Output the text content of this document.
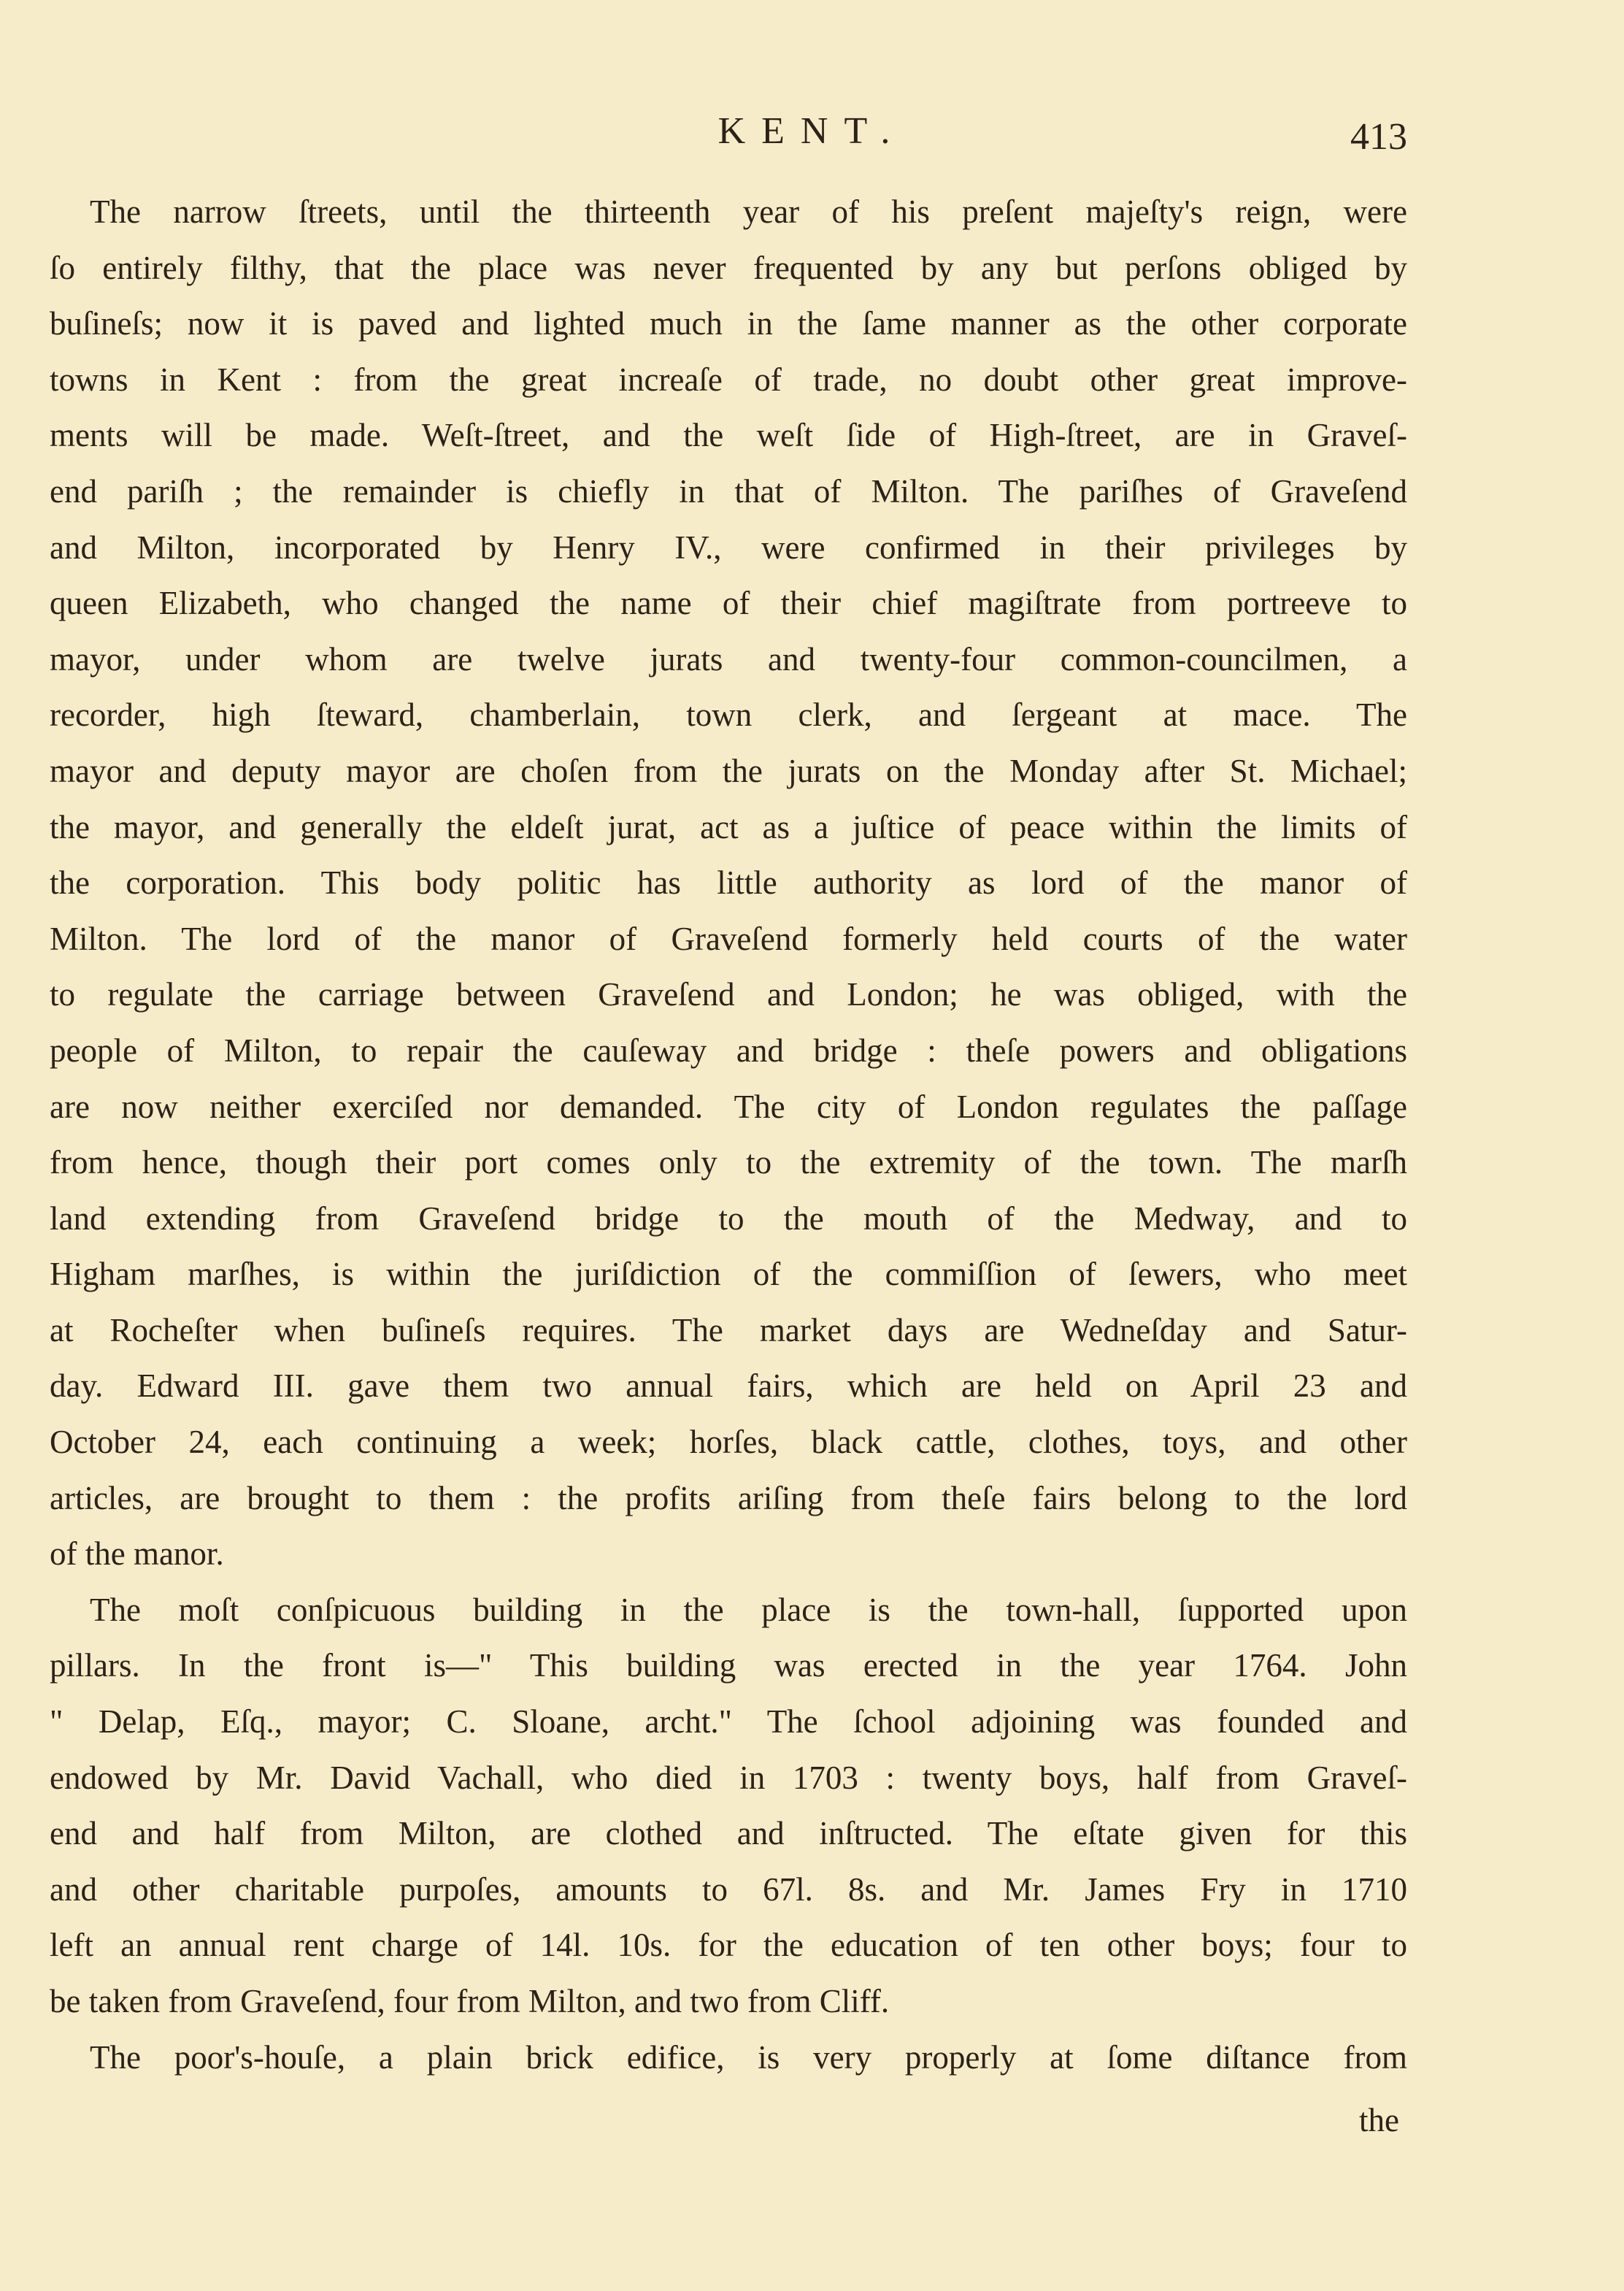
KENT.	413
The narrow ſtreets, until the thirteenth year of his preſent majeſty's reign, were
ſo entirely filthy, that the place was never frequented by any but perſons obliged by
buſineſs; now it is paved and lighted much in the ſame manner as the other corporate
towns in Kent : from the great increaſe of trade, no doubt other great improve-
ments will be made. Weſt-ſtreet, and the weſt ſide of High-ſtreet, are in Graveſ-
end pariſh ; the remainder is chiefly in that of Milton. The pariſhes of Graveſend
and Milton, incorporated by Henry IV., were confirmed in their privileges by
queen Elizabeth, who changed the name of their chief magiſtrate from portreeve to
mayor, under whom are twelve jurats and twenty-four common-councilmen, a
recorder, high ſteward, chamberlain, town clerk, and ſergeant at mace. The
mayor and deputy mayor are choſen from the jurats on the Monday after St. Michael;
the mayor, and generally the eldeſt jurat, act as a juſtice of peace within the limits of
the corporation. This body politic has little authority as lord of the manor of
Milton. The lord of the manor of Graveſend formerly held courts of the water
to regulate the carriage between Graveſend and London; he was obliged, with the
people of Milton, to repair the cauſeway and bridge : theſe powers and obligations
are now neither exerciſed nor demanded. The city of London regulates the paſſage
from hence, though their port comes only to the extremity of the town. The marſh
land extending from Graveſend bridge to the mouth of the Medway, and to
Higham marſhes, is within the juriſdiction of the commiſſion of ſewers, who meet
at Rocheſter when buſineſs requires. The market days are Wedneſday and Satur-
day. Edward III. gave them two annual fairs, which are held on April 23 and
October 24, each continuing a week; horſes, black cattle, clothes, toys, and other
articles, are brought to them : the profits ariſing from theſe fairs belong to the lord
of the manor.
The moſt conſpicuous building in the place is the town-hall, ſupported upon
pillars. In the front is—" This building was erected in the year 1764. John
" Delap, Eſq., mayor; C. Sloane, archt." The ſchool adjoining was founded and
endowed by Mr. David Vachall, who died in 1703 : twenty boys, half from Graveſ-
end and half from Milton, are clothed and inſtructed. The eſtate given for this
and other charitable purpoſes, amounts to 67l. 8s. and Mr. James Fry in 1710
left an annual rent charge of 14l. 10s. for the education of ten other boys; four to
be taken from Graveſend, four from Milton, and two from Cliff.
The poor's-houſe, a plain brick edifice, is very properly at ſome diſtance from
the
